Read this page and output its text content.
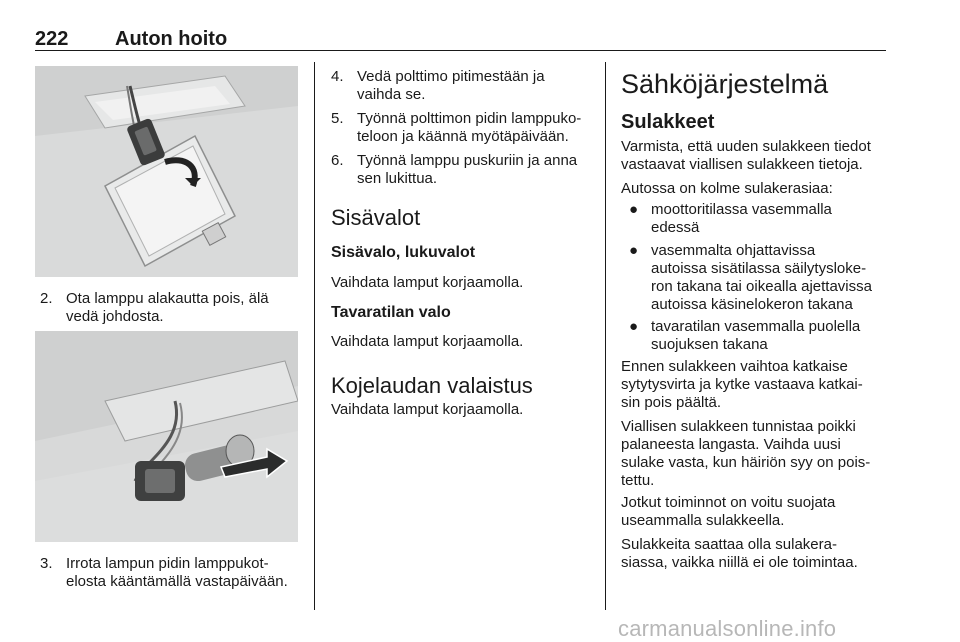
222 Auton hoito
2. Ota lamppu alakautta pois, älä
vedä johdosta.
3. Irrota lampun pidin lamppukot-
elosta kääntämällä vastapäivään.
4. Vedä polttimo pitimestään ja
vaihda se.
5. Työnnä polttimon pidin lamppuko-
teloon ja käännä myötäpäivään.
6. Työnnä lamppu puskuriin ja anna
sen lukittua.
Sisävalot
Sisävalo, lukuvalot
Vaihdata lamput korjaamolla.
Tavaratilan valo
Vaihdata lamput korjaamolla.
Kojelaudan valaistus
Vaihdata lamput korjaamolla.
Sähköjärjestelmä
Sulakkeet
Varmista, että uuden sulakkeen tiedot
vastaavat viallisen sulakkeen tietoja.
Autossa on kolme sulakerasiaa:
● moottoritilassa vasemmalla
edessä
● vasemmalta ohjattavissa
autoissa sisätilassa säilytysloke-
ron takana tai oikealla ajettavissa
autoissa käsinelokeron takana
● tavaratilan vasemmalla puolella
suojuksen takana
Ennen sulakkeen vaihtoa katkaise
sytytysvirta ja kytke vastaava katkai-
sin pois päältä.
Viallisen sulakkeen tunnistaa poikki
palaneesta langasta. Vaihda uusi
sulake vasta, kun häiriön syy on pois-
tettu.
Jotkut toiminnot on voitu suojata
useammalla sulakkeella.
Sulakkeita saattaa olla sulakera-
siassa, vaikka niillä ei ole toimintaa.
carmanualsonline.info
